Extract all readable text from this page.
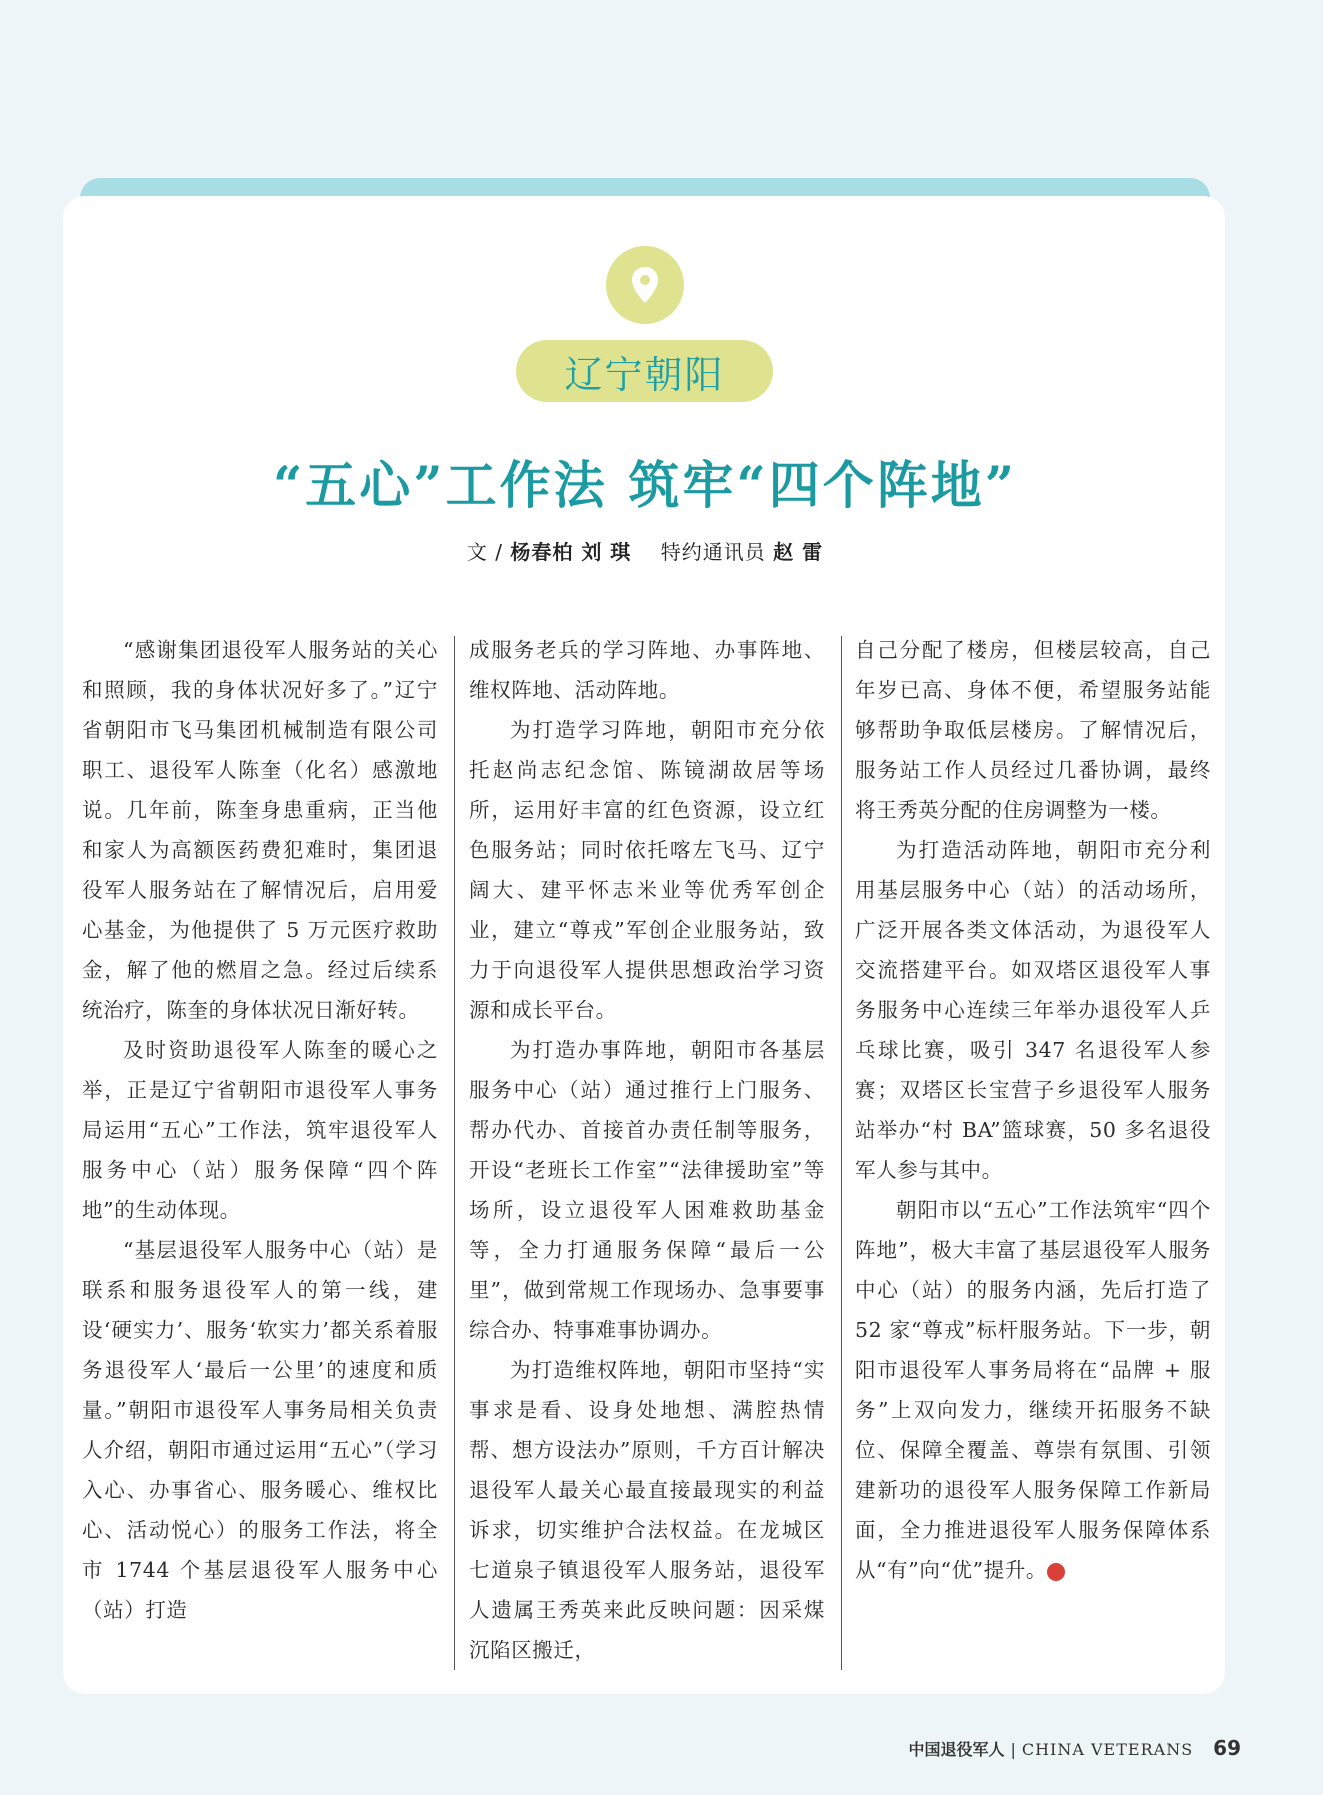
辽宁朝阳
“五心”工作法 筑牢“四个阵地”
文 / 杨春柏 刘 琪 特约通讯员 赵 雷

“感谢集团退役军人服务站的关心和照顾，我的身体状况好多了。”辽宁省朝阳市飞马集团机械制造有限公司职工、退役军人陈奎（化名）感激地说。几年前，陈奎身患重病，正当他和家人为高额医药费犯难时，集团退役军人服务站在了解情况后，启用爱心基金，为他提供了 5 万元医疗救助金，解了他的燃眉之急。经过后续系统治疗，陈奎的身体状况日渐好转。

及时资助退役军人陈奎的暖心之举，正是辽宁省朝阳市退役军人事务局运用“五心”工作法，筑牢退役军人服务中心（站）服务保障“四个阵地”的生动体现。

“基层退役军人服务中心（站）是联系和服务退役军人的第一线，建设‘硬实力’、服务‘软实力’都关系着服务退役军人‘最后一公里’的速度和质量。”朝阳市退役军人事务局相关负责人介绍，朝阳市通过运用“五心”（学习入心、办事省心、服务暖心、维权比心、活动悦心）的服务工作法，将全市 1744 个基层退役军人服务中心（站）打造

成服务老兵的学习阵地、办事阵地、维权阵地、活动阵地。

为打造学习阵地，朝阳市充分依托赵尚志纪念馆、陈镜湖故居等场所，运用好丰富的红色资源，设立红色服务站；同时依托喀左飞马、辽宁阔大、建平怀志米业等优秀军创企业，建立“尊戎”军创企业服务站，致力于向退役军人提供思想政治学习资源和成长平台。

为打造办事阵地，朝阳市各基层服务中心（站）通过推行上门服务、帮办代办、首接首办责任制等服务，开设“老班长工作室”“法律援助室”等场所，设立退役军人困难救助基金等，全力打通服务保障“最后一公里”，做到常规工作现场办、急事要事综合办、特事难事协调办。

为打造维权阵地，朝阳市坚持“实事求是看、设身处地想、满腔热情帮、想方设法办”原则，千方百计解决退役军人最关心最直接最现实的利益诉求，切实维护合法权益。在龙城区七道泉子镇退役军人服务站，退役军人遗属王秀英来此反映问题：因采煤沉陷区搬迁，

自己分配了楼房，但楼层较高，自己年岁已高、身体不便，希望服务站能够帮助争取低层楼房。了解情况后，服务站工作人员经过几番协调，最终将王秀英分配的住房调整为一楼。

为打造活动阵地，朝阳市充分利用基层服务中心（站）的活动场所，广泛开展各类文体活动，为退役军人交流搭建平台。如双塔区退役军人事务服务中心连续三年举办退役军人乒乓球比赛，吸引 347 名退役军人参赛；双塔区长宝营子乡退役军人服务站举办“村 BA”篮球赛，50 多名退役军人参与其中。

朝阳市以“五心”工作法筑牢“四个阵地”，极大丰富了基层退役军人服务中心（站）的服务内涵，先后打造了 52 家“尊戎”标杆服务站。下一步，朝阳市退役军人事务局将在“品牌 + 服务”上双向发力，继续开拓服务不缺位、保障全覆盖、尊崇有氛围、引领建新功的退役军人服务保障工作新局面，全力推进退役军人服务保障体系从“有”向“优”提升。	V

中国退役军人 | CHINA VETERANS 69
